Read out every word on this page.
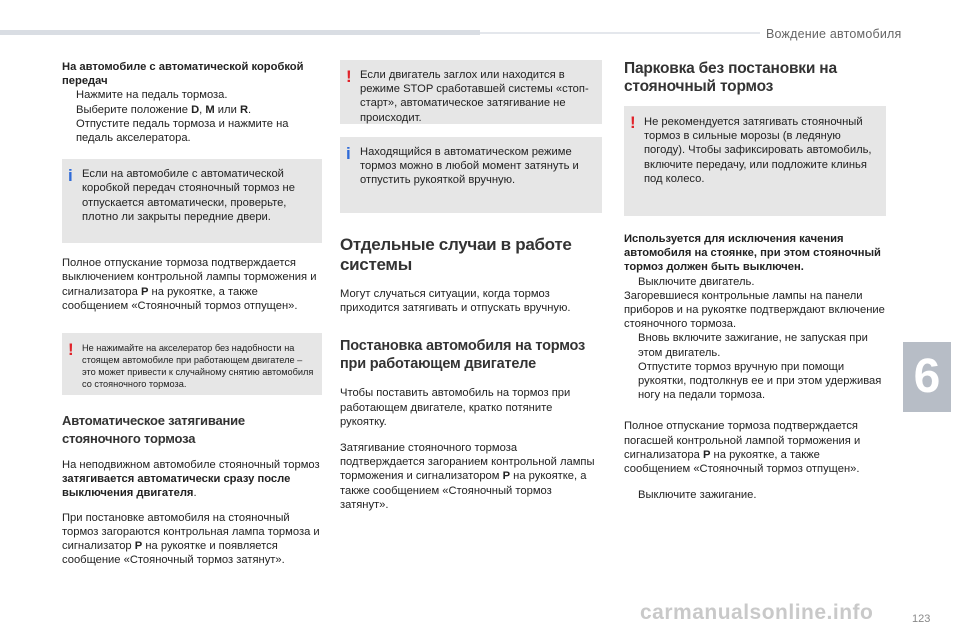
Вождение автомобиля

На автомобиле с автоматической коробкой передач

Нажмите на педаль тормоза.
Выберите положение D, M или R.
Отпустите педаль тормоза и нажмите на педаль акселератора.
i Если на автомобиле с автоматической коробкой передач стояночный тормоз не отпускается автоматически, проверьте, плотно ли закрыты передние двери.

Полное отпускание тормоза подтверждается выключением контрольной лампы торможения и сигнализатора P на рукоятке, а также сообщением «Стояночный тормоз отпущен».

! Не нажимайте на акселератор без надобности на стоящем автомобиле при работающем двигателе – это может привести к случайному снятию автомобиля со стояночного тормоза.

Автоматическое затягивание стояночного тормоза

На неподвижном автомобиле стояночный тормоз затягивается автоматически сразу после выключения двигателя.

При постановке автомобиля на стояночный тормоз загораются контрольная лампа тормоза и сигнализатор P на рукоятке и появляется сообщение «Стояночный тормоз затянут».

! Если двигатель заглох или находится в режиме STOP сработавшей системы «стоп-старт», автоматическое затягивание не происходит.
i Находящийся в автоматическом режиме тормоз можно в любой момент затянуть и отпустить рукояткой вручную.

Отдельные случаи в работе системы

Могут случаться ситуации, когда тормоз приходится затягивать и отпускать вручную.

Постановка автомобиля на тормоз при работающем двигателе

Чтобы поставить автомобиль на тормоз при работающем двигателе, кратко потяните рукоятку.

Затягивание стояночного тормоза подтверждается загоранием контрольной лампы торможения и сигнализатором P на рукоятке, а также сообщением «Стояночный тормоз затянут».

Парковка без постановки на стояночный тормоз

! Не рекомендуется затягивать стояночный тормоз в сильные морозы (в ледяную погоду). Чтобы зафиксировать автомобиль, включите передачу, или подложите клинья под колесо.

Используется для исключения качения автомобиля на стоянке, при этом стояночный тормоз должен быть выключен.

Выключите двигатель.

Загоревшиеся контрольные лампы на панели приборов и на рукоятке подтверждают включение стояночного тормоза.

Вновь включите зажигание, не запуская при этом двигатель.
Отпустите тормоз вручную при помощи рукоятки, подтолкнув ее и при этом удерживая ногу на педали тормоза.

Полное отпускание тормоза подтверждается погасшей контрольной лампой торможения и сигнализатора P на рукоятке, а также сообщением «Стояночный тормоз отпущен».

Выключите зажигание.
6
carmanualsonline.info	123
